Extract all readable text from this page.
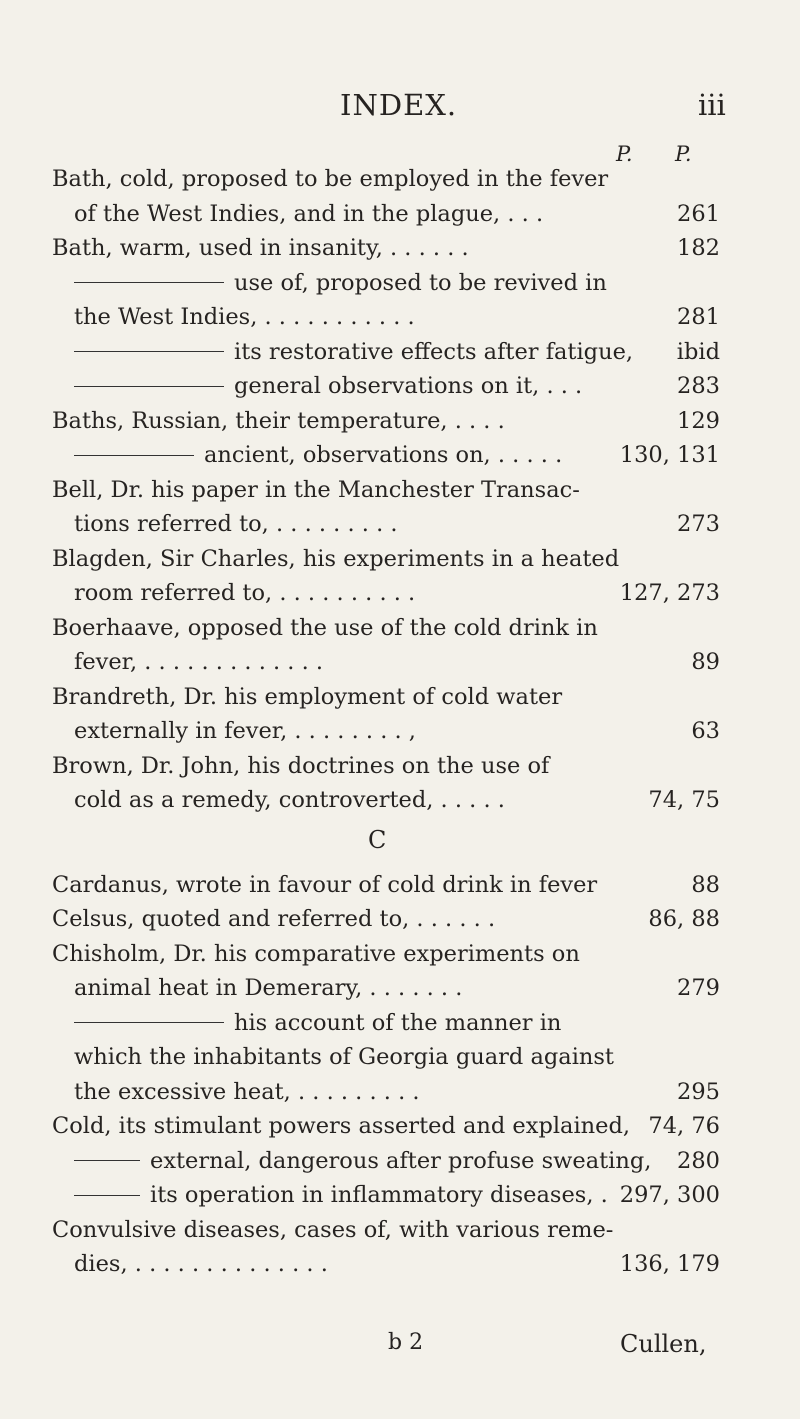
INDEX.	iii
P. P.
Bath, cold, proposed to be employed in the fever
of the West Indies, and in the plague, . . .	261
Bath, warm, used in insanity, . . . . . .	182
use of, proposed to be revived in
the West Indies, . . . . . . . . . . .	281
its restorative effects after fatigue, ibid
general observations on it, . . .	283
Baths, Russian, their temperature, . . . .	129
ancient, observations on, . . . . .	130, 131
Bell, Dr. his paper in the Manchester Transac-
tions referred to, . . . . . . . . .	273
Blagden, Sir Charles, his experiments in a heated
room referred to, . . . . . . . . . .	127, 273
Boerhaave, opposed the use of the cold drink in
fever, . . . . . . . . . . . . .	89
Brandreth, Dr. his employment of cold water
externally in fever, . . . . . . . . ,	63
Brown, Dr. John, his doctrines on the use of
cold as a remedy, controverted, . . . . .	74, 75
C
Cardanus, wrote in favour of cold drink in fever	88
Celsus, quoted and referred to, . . . . . .	86, 88
Chisholm, Dr. his comparative experiments on
animal heat in Demerary, . . . . . . .	279
his account of the manner in
which the inhabitants of Georgia guard against
the excessive heat, . . . . . . . . .	295
Cold, its stimulant powers asserted and explained, 74, 76
external, dangerous after profuse sweating, 280
its operation in inflammatory diseases, . 297, 300
Convulsive diseases, cases of, with various reme-
dies, . . . . . . . . . . . . . .	136, 179
b 2	Cullen,
